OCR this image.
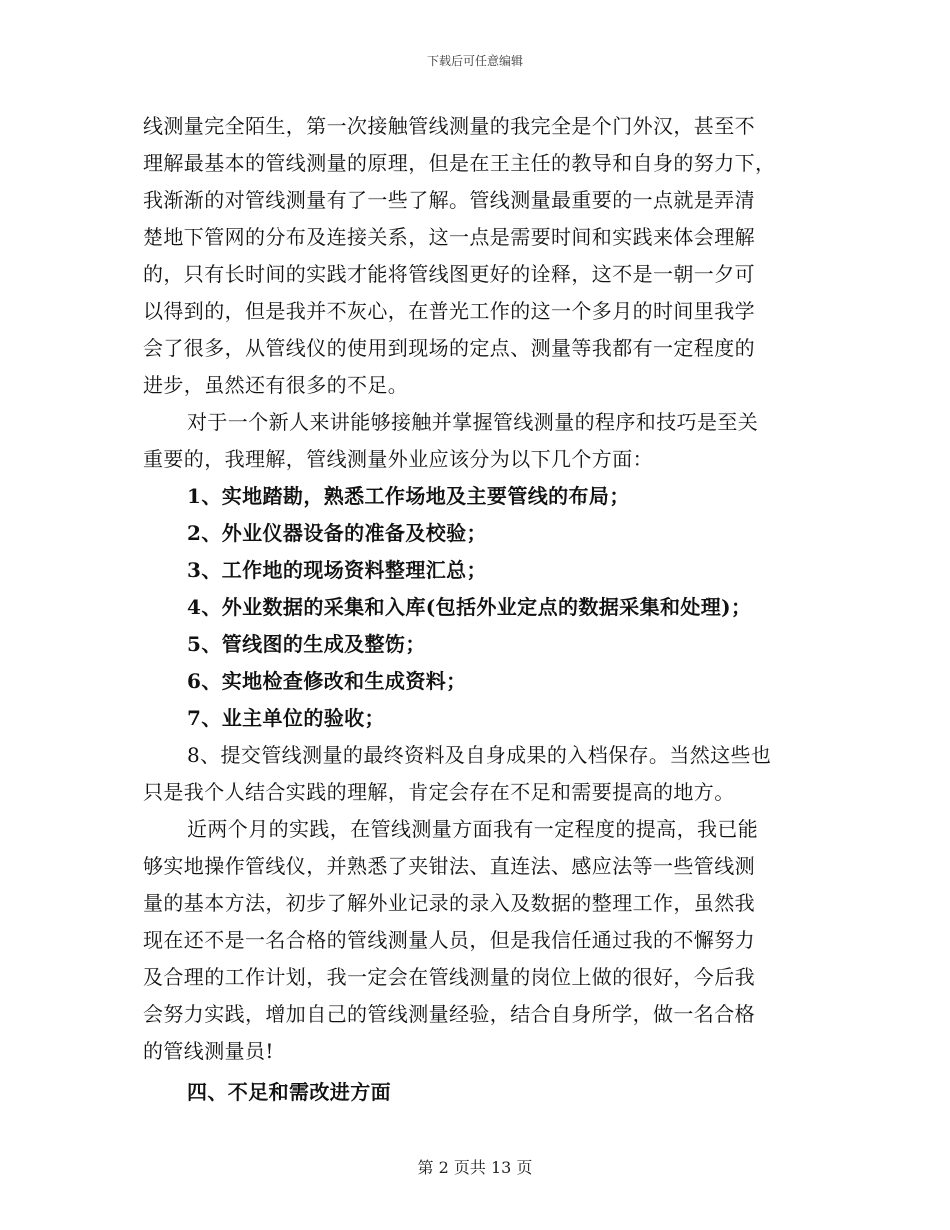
下载后可任意编辑
线测量完全陌生，第一次接触管线测量的我完全是个门外汉，甚至不
理解最基本的管线测量的原理，但是在王主任的教导和自身的努力下，
我渐渐的对管线测量有了一些了解。管线测量最重要的一点就是弄清
楚地下管网的分布及连接关系，这一点是需要时间和实践来体会理解
的，只有长时间的实践才能将管线图更好的诠释，这不是一朝一夕可
以得到的，但是我并不灰心，在普光工作的这一个多月的时间里我学
会了很多，从管线仪的使用到现场的定点、测量等我都有一定程度的
进步，虽然还有很多的不足。
对于一个新人来讲能够接触并掌握管线测量的程序和技巧是至关
重要的，我理解，管线测量外业应该分为以下几个方面：
1、实地踏勘，熟悉工作场地及主要管线的布局；
2、外业仪器设备的准备及校验；
3、工作地的现场资料整理汇总；
4、外业数据的采集和入库(包括外业定点的数据采集和处理)；
5、管线图的生成及整饬；
6、实地检查修改和生成资料；
7、业主单位的验收；
8、提交管线测量的最终资料及自身成果的入档保存。当然这些也
只是我个人结合实践的理解，肯定会存在不足和需要提高的地方。
近两个月的实践，在管线测量方面我有一定程度的提高，我已能
够实地操作管线仪，并熟悉了夹钳法、直连法、感应法等一些管线测
量的基本方法，初步了解外业记录的录入及数据的整理工作，虽然我
现在还不是一名合格的管线测量人员，但是我信任通过我的不懈努力
及合理的工作计划，我一定会在管线测量的岗位上做的很好，今后我
会努力实践，增加自己的管线测量经验，结合自身所学，做一名合格
的管线测量员!
四、不足和需改进方面
第 2 页共 13 页
